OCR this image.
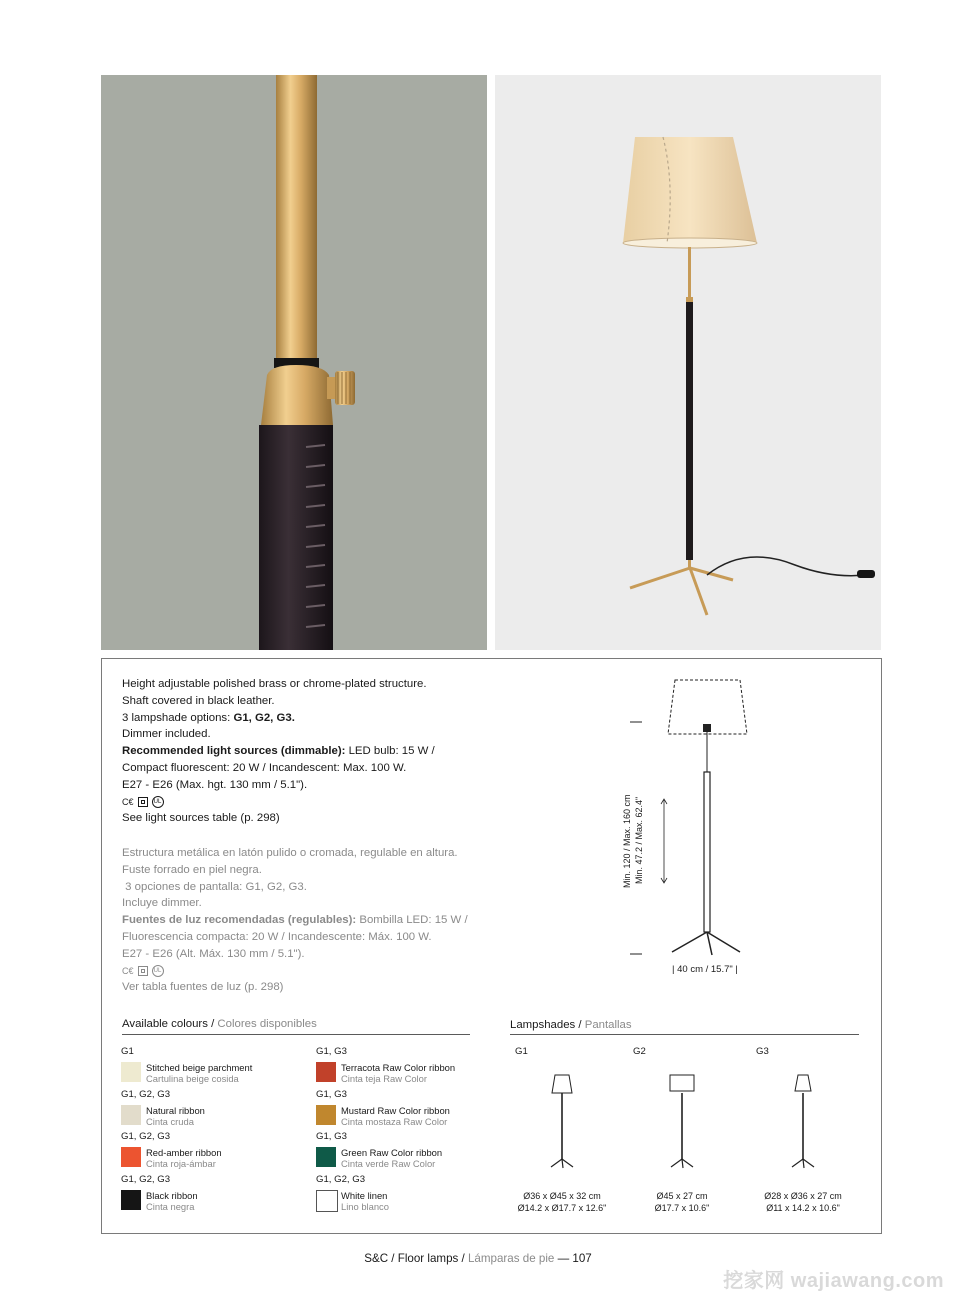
Height adjustable polished brass or chrome-plated structure.
Shaft covered in black leather.
3 lampshade options: G1, G2, G3.
Dimmer included.
Recommended light sources (dimmable): LED bulb: 15 W /
Compact fluorescent: 20 W / Incandescent: Max. 100 W.
E27 - E26 (Max. hgt. 130 mm / 5.1").
C€	UL
See light sources table (p. 298)
Estructura metálica en latón pulido o cromada, regulable en altura.
Fuste forrado en piel negra.
3 opciones de pantalla: G1, G2, G3.
Incluye dimmer.
Fuentes de luz recomendadas (regulables): Bombilla LED: 15 W /
Fluorescencia compacta: 20 W / Incandescente: Máx. 100 W.
E27 - E26 (Alt. Máx. 130 mm / 5.1").
C€	UL
Ver tabla fuentes de luz (p. 298)
Min. 120 / Max. 160 cm Min. 47.2 / Max. 62.4"
| 40 cm / 15.7" |
Available colours / Colores disponibles
G1
Stitched beige parchment
Cartulina beige cosida
G1, G3
Terracota Raw Color ribbon
Cinta teja Raw Color
G1, G2, G3
Natural ribbon
Cinta cruda
G1, G3
Mustard Raw Color ribbon
Cinta mostaza Raw Color
G1, G2, G3
Red-amber ribbon
Cinta roja-ámbar
G1, G3
Green Raw Color ribbon
Cinta verde Raw Color
G1, G2, G3
Black ribbon
Cinta negra
G1, G2, G3
White linen
Lino blanco
Lampshades / Pantallas
G1
Ø36 x Ø45 x 32 cm
Ø14.2 x Ø17.7 x 12.6"
G2
Ø45 x 27 cm
Ø17.7 x 10.6"
G3
Ø28 x Ø36 x 27 cm
Ø11 x 14.2 x 10.6"
S&C / Floor lamps / Lámparas de pie — 107
挖家网 wajiawang.com
